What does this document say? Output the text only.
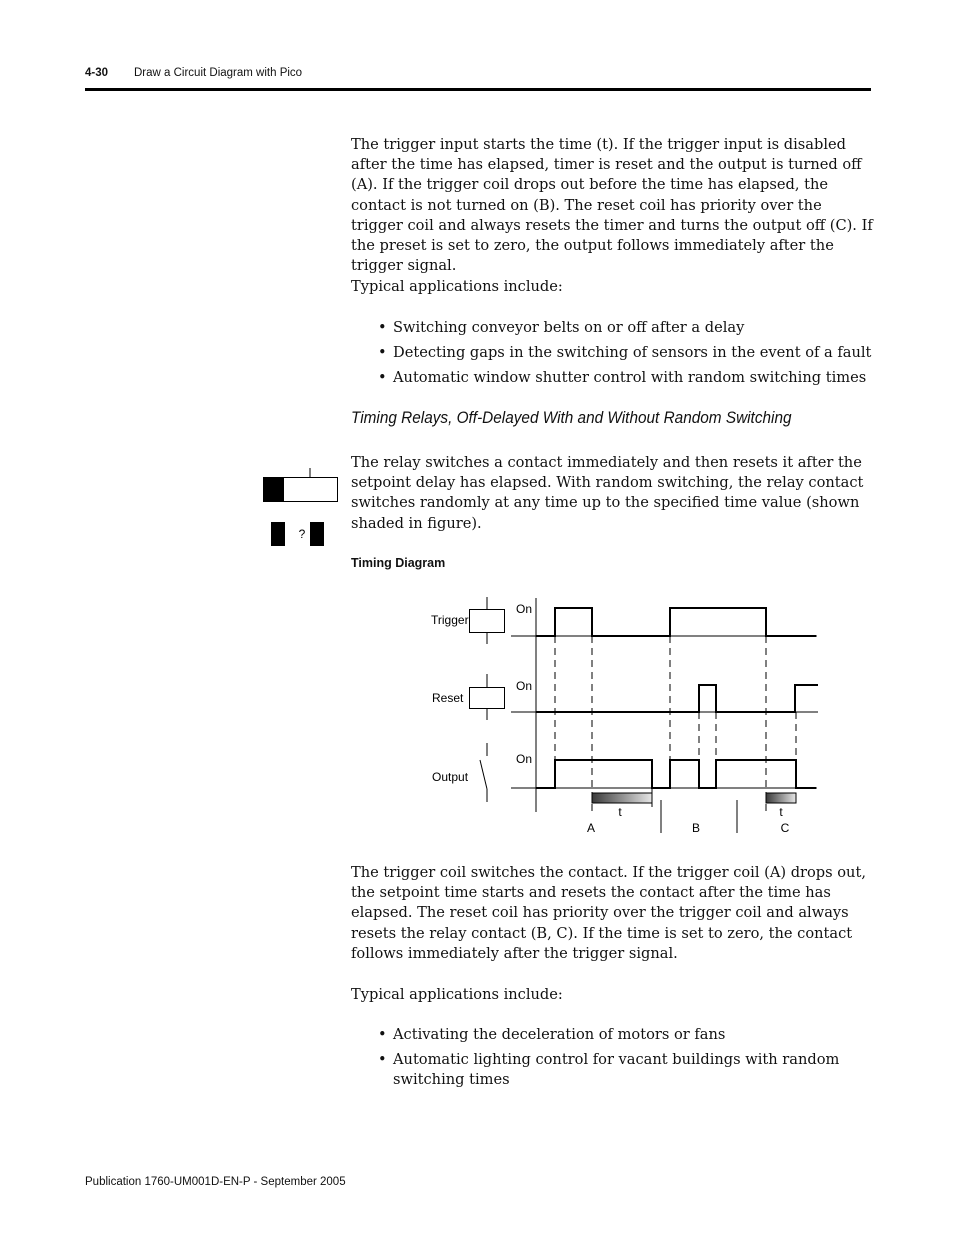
4-30 Draw a Circuit Diagram with Pico

The trigger input starts the time (t). If the trigger input is disabled after the time has elapsed, timer is reset and the output is turned off (A). If the trigger coil drops out before the time has elapsed, the contact is not turned on (B). The reset coil has priority over the trigger coil and always resets the timer and turns the output off (C). If the preset is set to zero, the output follows immediately after the trigger signal.

Typical applications include:

• Switching conveyor belts on or off after a delay
• Detecting gaps in the switching of sensors in the event of a fault
• Automatic window shutter control with random switching times
Timing Relays, Off-Delayed With and Without Random Switching
?

The relay switches a contact immediately and then resets it after the setpoint delay has elapsed. With random switching, the relay contact switches randomly at any time up to the specified time value (shown shaded in figure).

Timing Diagram
Trigger
On
Reset
On
Output
On
t	t
A	B	C

The trigger coil switches the contact. If the trigger coil (A) drops out, the setpoint time starts and resets the contact after the time has elapsed. The reset coil has priority over the trigger coil and always resets the relay contact (B, C). If the time is set to zero, the contact follows immediately after the trigger signal.

Typical applications include:

• Activating the deceleration of motors or fans
• Automatic lighting control for vacant buildings with random switching times
Publication 1760-UM001D-EN-P - September 2005
